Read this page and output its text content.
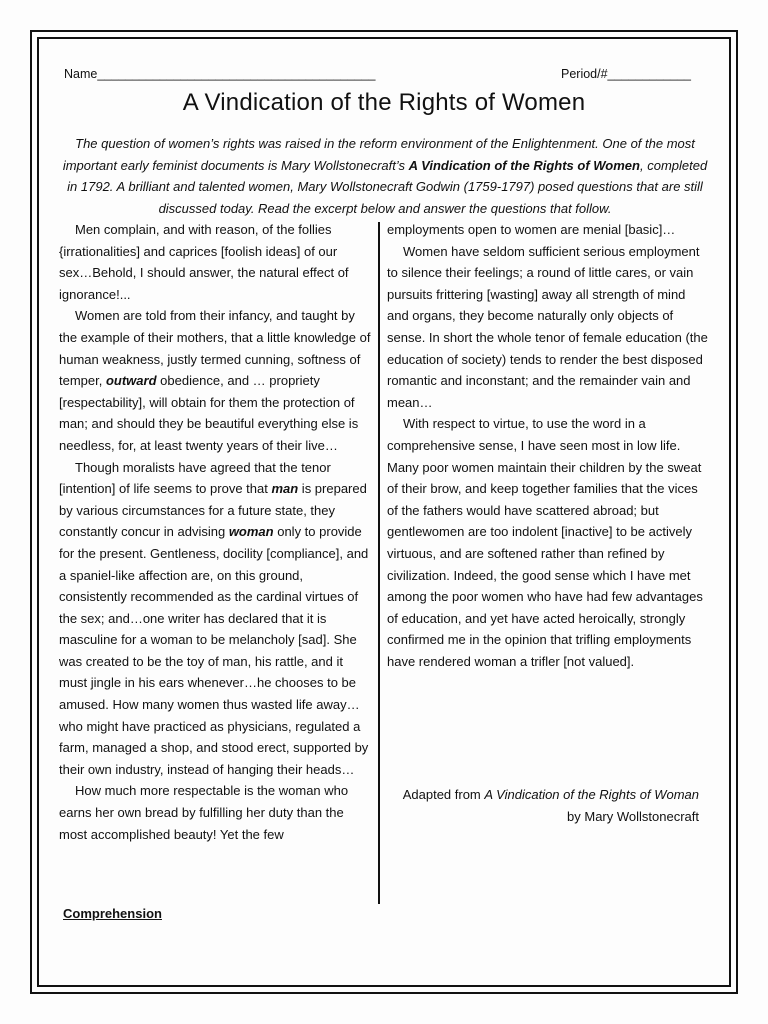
Name________________________________________	Period/#____________
A Vindication of the Rights of Women
The question of women’s rights was raised in the reform environment of the Enlightenment. One of the most important early feminist documents is Mary Wollstonecraft’s A Vindication of the Rights of Women, completed in 1792. A brilliant and talented women, Mary Wollstonecraft Godwin (1759-1797) posed questions that are still discussed today. Read the excerpt below and answer the questions that follow.

Men complain, and with reason, of the follies {irrationalities] and caprices [foolish ideas] of our sex…Behold, I should answer, the natural effect of ignorance!...

Women are told from their infancy, and taught by the example of their mothers, that a little knowledge of human weakness, justly termed cunning, softness of temper, outward obedience, and … propriety [respectability], will obtain for them the protection of man; and should they be beautiful everything else is needless, for, at least twenty years of their live…

Though moralists have agreed that the tenor [intention] of life seems to prove that man is prepared by various circumstances for a future state, they constantly concur in advising woman only to provide for the present. Gentleness, docility [compliance], and a spaniel-like affection are, on this ground, consistently recommended as the cardinal virtues of the sex; and…one writer has declared that it is masculine for a woman to be melancholy [sad]. She was created to be the toy of man, his rattle, and it must jingle in his ears whenever…he chooses to be amused. How many women thus wasted life away…who might have practiced as physicians, regulated a farm, managed a shop, and stood erect, supported by their own industry, instead of hanging their heads…

How much more respectable is the woman who earns her own bread by fulfilling her duty than the most accomplished beauty! Yet the few

employments open to women are menial [basic]…

Women have seldom sufficient serious employment to silence their feelings; a round of little cares, or vain pursuits frittering [wasting] away all strength of mind and organs, they become naturally only objects of sense. In short the whole tenor of female education (the education of society) tends to render the best disposed romantic and inconstant; and the remainder vain and mean…

With respect to virtue, to use the word in a comprehensive sense, I have seen most in low life. Many poor women maintain their children by the sweat of their brow, and keep together families that the vices of the fathers would have scattered abroad; but gentlewomen are too indolent [inactive] to be actively virtuous, and are softened rather than refined by civilization. Indeed, the good sense which I have met among the poor women who have had few advantages of education, and yet have acted heroically, strongly confirmed me in the opinion that trifling employments have rendered woman a trifler [not valued].

Adapted from A Vindication of the Rights of Woman by Mary Wollstonecraft
Comprehension
